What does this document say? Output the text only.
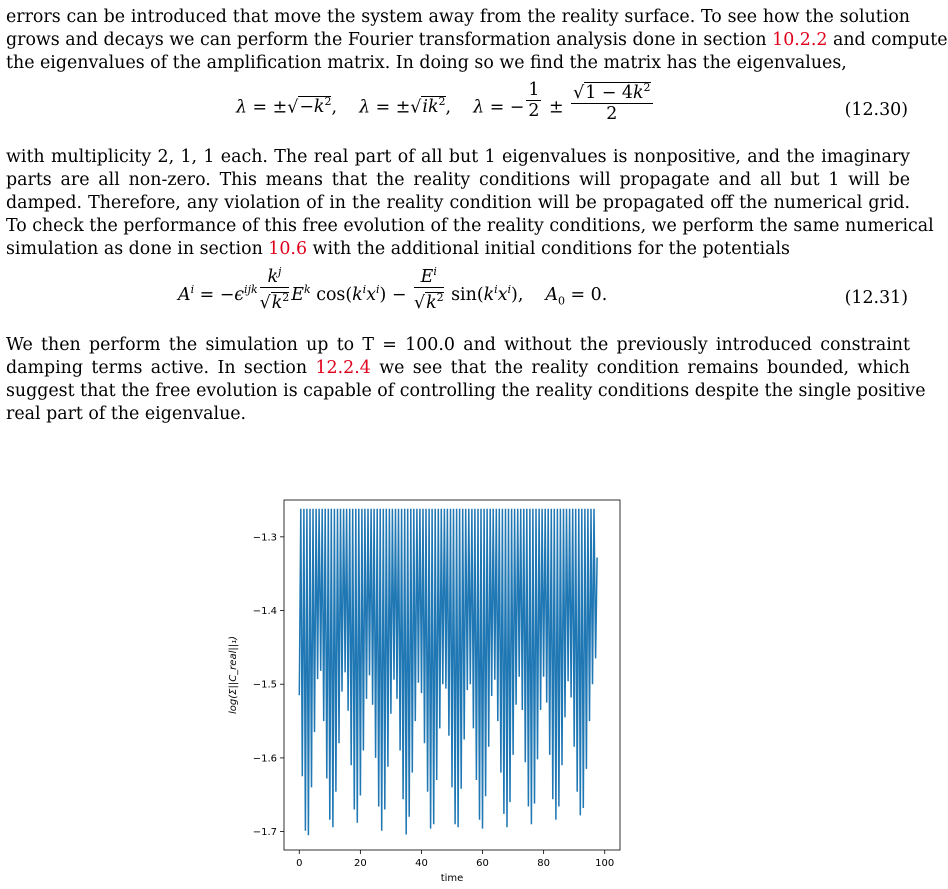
errors can be introduced that move the system away from the reality surface. To see how the solution
grows and decays we can perform the Fourier transformation analysis done in section 10.2.2 and compute
the eigenvalues of the amplification matrix. In doing so we find the matrix has the eigenvalues,
$\lambda = \pm√-k^2$,    $\lambda = \pm√ik^2$,    λ = − $\frac{1}{2} \pm \frac{√1 - 4k^2}{2}$	(12.30)
with multiplicity 2, 1, 1 each. The real part of all but 1 eigenvalues is nonpositive, and the imaginary
parts are all non-zero. This means that the reality conditions will propagate and all but 1 will be
damped. Therefore, any violation of in the reality condition will be propagated off the numerical grid.
To check the performance of this free evolution of the reality conditions, we perform the same numerical
simulation as done in section 10.6 with the additional initial conditions for the potentials
$A^i = -\epsilon^{ijk} \frac{k^j}{√k^2} E^k$ $\cos(k^ix^i) - \frac{E^i}{√k^2} \sin(k^ix^i)$,    $A_0 = 0$.	(12.31)
We then perform the simulation up to T = 100.0 and without the previously introduced constraint
damping terms active. In section 12.2.4 we see that the reality condition remains bounded, which
suggest that the free evolution is capable of controlling the reality conditions despite the single positive
real part of the eigenvalue.
0	20	40	60	80	100
−1.3
−1.4
−1.5
−1.6
−1.7
time
log(Σ||C_real||₁)
